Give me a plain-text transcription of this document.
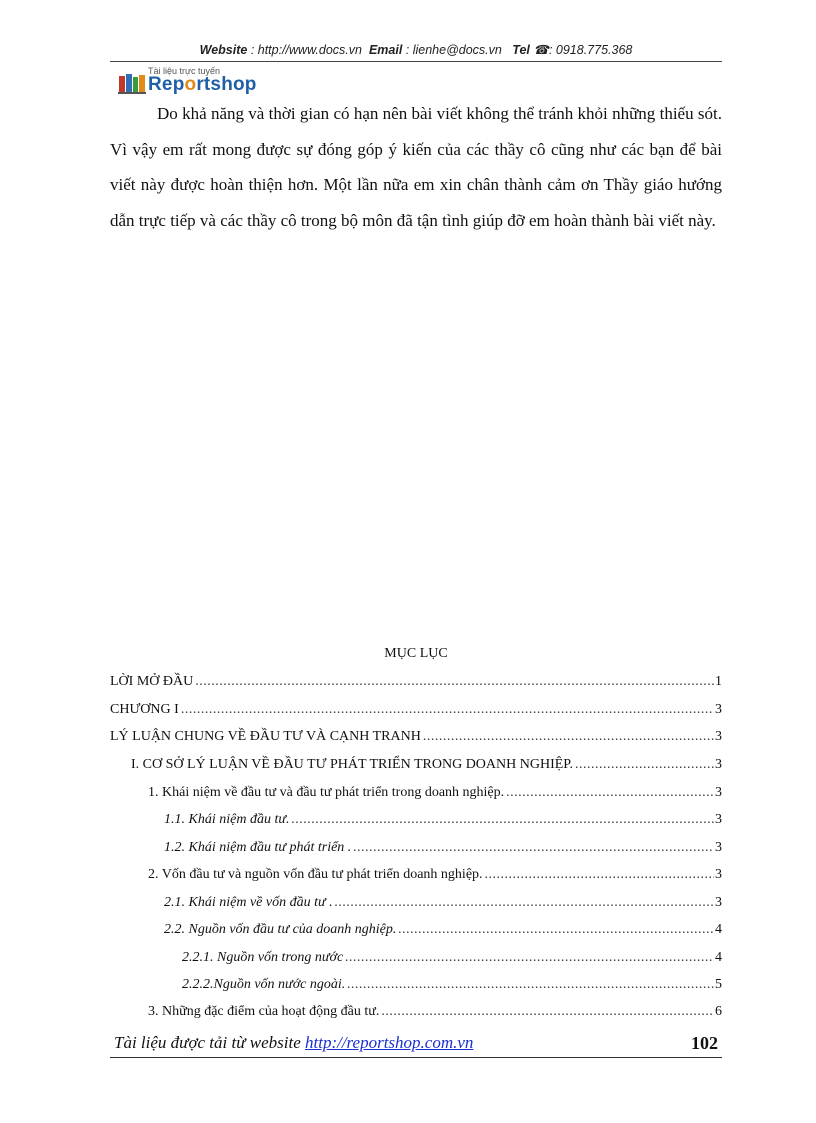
Website : http://www.docs.vn Email : lienhe@docs.vn Tel ☎: 0918.775.368
Tài liệu trực tuyến
Reportshop
Do khả năng và thời gian có hạn nên bài viết không thể tránh khỏi những thiếu sót. Vì vậy em rất mong được sự đóng góp ý kiến của các thầy cô cũng như các bạn để bài viết này được hoàn thiện hơn. Một lần nữa em xin chân thành cảm ơn Thầy giáo hướng dẫn trực tiếp và các thầy cô trong bộ môn đã tận tình giúp đỡ em hoàn thành bài viết này.
MỤC LỤC
LỜI MỞ ĐẦU .....	1
CHƯƠNG I .....	3
LÝ LUẬN CHUNG VỀ ĐẦU TƯ VÀ CẠNH TRANH .....	3
I. CƠ SỞ LÝ LUẬN VỀ ĐẦU TƯ PHÁT TRIỂN TRONG DOANH NGHIỆP. .....	3
1. Khái niệm về đầu tư và đầu tư phát triển trong doanh nghiệp. .....	3
1.1. Khái niệm đầu tư. .....	3
1.2. Khái niệm đầu tư phát triển . .....	3
2. Vốn đầu tư và nguồn vốn đầu tư phát triển doanh nghiệp. .....	3
2.1. Khái niệm về vốn đầu tư . .....	3
2.2. Nguồn vốn đầu tư của doanh nghiệp. .....	4
2.2.1. Nguồn vốn trong nước .....	4
2.2.2.Nguồn vốn nước ngoài. .....	5
3. Những đặc điểm của hoạt động đầu tư. .....	6
Tài liệu được tải từ website http://reportshop.com.vn	102
